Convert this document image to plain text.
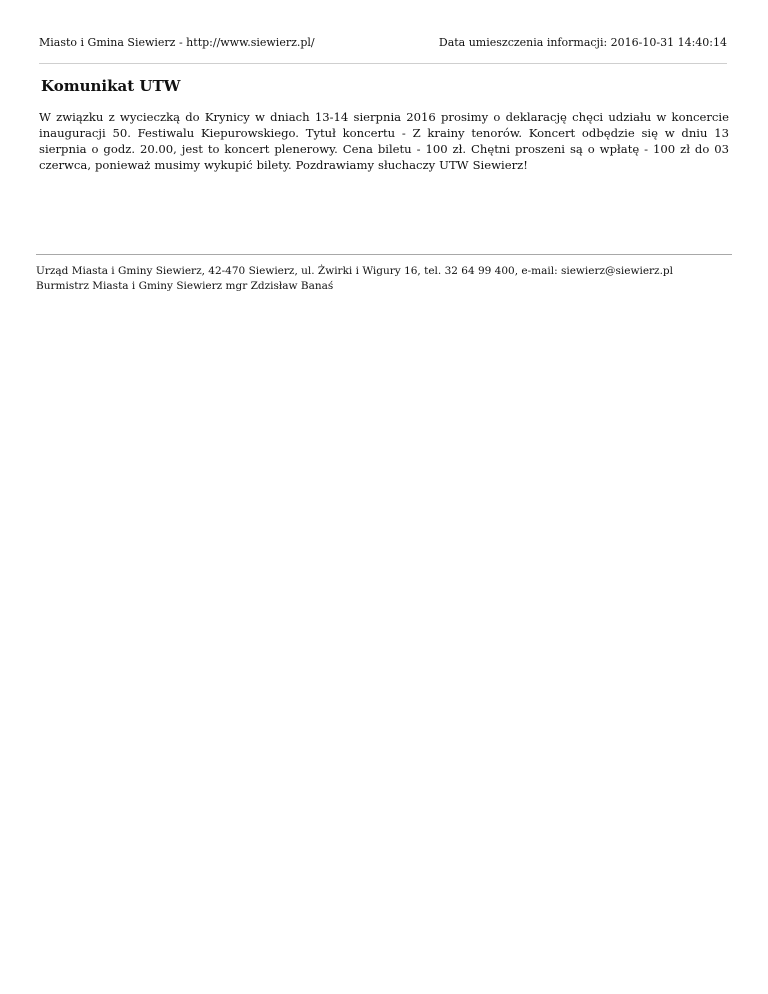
Miasto i Gmina Siewierz - http://www.siewierz.pl/	Data umieszczenia informacji: 2016-10-31 14:40:14
Komunikat UTW

W związku z wycieczką do Krynicy w dniach 13-14 sierpnia 2016 prosimy o deklarację chęci udziału w koncercie inauguracji 50. Festiwalu Kiepurowskiego. Tytuł koncertu - Z krainy tenorów. Koncert odbędzie się w dniu 13 sierpnia o godz. 20.00, jest to koncert plenerowy. Cena biletu - 100 zł. Chętni proszeni są o wpłatę - 100 zł do 03 czerwca, ponieważ musimy wykupić bilety. Pozdrawiamy słuchaczy UTW Siewierz!

Urząd Miasta i Gminy Siewierz, 42-470 Siewierz, ul. Żwirki i Wigury 16, tel. 32 64 99 400, e-mail: siewierz@siewierz.pl
Burmistrz Miasta i Gminy Siewierz mgr Zdzisław Banaś
